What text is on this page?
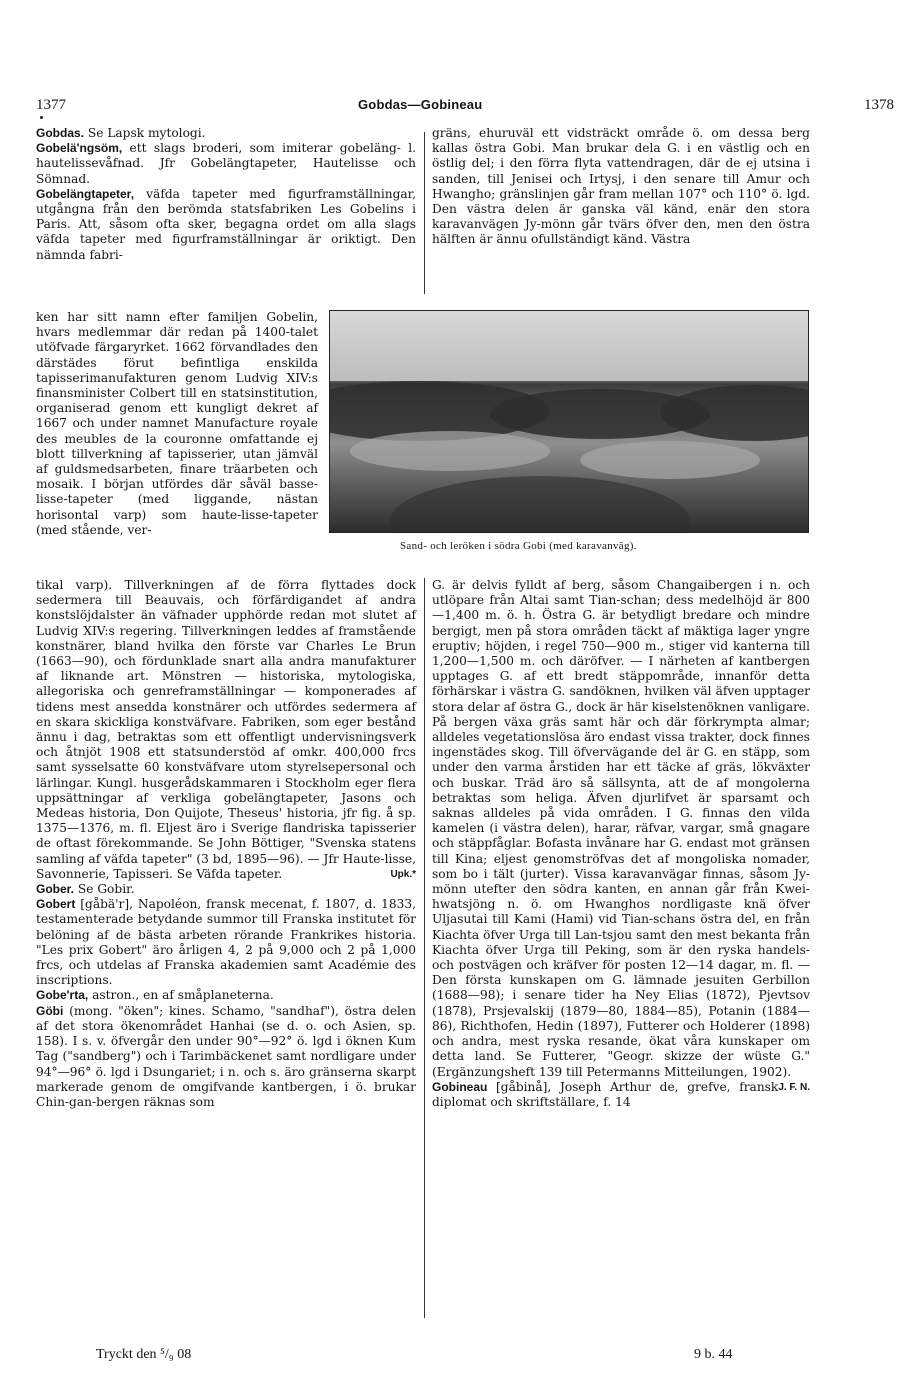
1377	Gobdas—Gobineau	1378

Gobdas. Se Lapsk mytologi.

Gobelä'ngsöm, ett slags broderi, som imiterar gobeläng- l. hautelissevåfnad. Jfr Gobelängtapeter, Hautelisse och Sömnad.

Gobelängtapeter, väfda tapeter med figurframställningar, utgångna från den berömda statsfabriken Les Gobelins i Paris. Att, såsom ofta sker, begagna ordet om alla slags väfda tapeter med figurframställningar är oriktigt. Den nämnda fabri-

ken har sitt namn efter familjen Gobelin, hvars medlemmar där redan på 1400-talet utöfvade färgaryrket. 1662 förvandlades den därstädes förut befintliga enskilda tapisserimanufakturen genom Ludvig XIV:s finansminister Colbert till en statsinstitution, organiserad genom ett kungligt dekret af 1667 och under namnet Manufacture royale des meubles de la couronne omfattande ej blott tillverkning af tapisserier, utan jämväl af guldsmedsarbeten, finare träarbeten och mosaik. I början utfördes där såväl basse-lisse-tapeter (med liggande, nästan horisontal varp) som haute-lisse-tapeter (med stående, ver-

Sand- och leröken i södra Gobi (med karavanväg).

tikal varp). Tillverkningen af de förra flyttades dock sedermera till Beauvais, och förfärdigandet af andra konstslöjdalster än väfnader upphörde redan mot slutet af Ludvig XIV:s regering. Tillverkningen leddes af framstående konstnärer, bland hvilka den förste var Charles Le Brun (1663—90), och fördunklade snart alla andra manufakturer af liknande art. Mönstren — historiska, mytologiska, allegoriska och genreframställningar — komponerades af tidens mest ansedda konstnärer och utfördes sedermera af en skara skickliga konstväfvare. Fabriken, som eger bestånd ännu i dag, betraktas som ett offentligt undervisningsverk och åtnjöt 1908 ett statsunderstöd af omkr. 400,000 frcs samt sysselsatte 60 konstväfvare utom styrelsepersonal och lärlingar. Kungl. husgerådskammaren i Stockholm eger flera uppsättningar af verkliga gobelängtapeter, Jasons och Medeas historia, Don Quijote, Theseus' historia, jfr fig. å sp. 1375—1376, m. fl. Eljest äro i Sverige flandriska tapisserier de oftast förekommande. Se John Böttiger, "Svenska statens samling af väfda tapeter" (3 bd, 1895—96). — Jfr Haute-lisse, Savonnerie, Tapisseri. Se Väfda tapeter.	Upk.*

Gober. Se Gobir.

Gobert [gåbä'r], Napoléon, fransk mecenat, f. 1807, d. 1833, testamenterade betydande summor till Franska institutet för belöning af de bästa arbeten rörande Frankrikes historia. "Les prix Gobert" äro årligen 4, 2 på 9,000 och 2 på 1,000 frcs, och utdelas af Franska akademien samt Académie des inscriptions.

Gobe'rta, astron., en af småplaneterna.

Göbi (mong. "öken"; kines. Schamo, "sandhaf"), östra delen af det stora ökenområdet Hanhai (se d. o. och Asien, sp. 158). I s. v. öfvergår den under 90°—92° ö. lgd i öknen Kum Tag ("sandberg") och i Tarimbäckenet samt nordligare under 94°—96° ö. lgd i Dsungariet; i n. och s. äro gränserna skarpt markerade genom de omgifvande kantbergen, i ö. brukar Chin-gan-bergen räknas som

gräns, ehuruväl ett vidsträckt område ö. om dessa berg kallas östra Gobi. Man brukar dela G. i en västlig och en östlig del; i den förra flyta vattendragen, där de ej utsina i sanden, till Jenisei och Irtysj, i den senare till Amur och Hwangho; gränslinjen går fram mellan 107° och 110° ö. lgd. Den västra delen är ganska väl känd, enär den stora karavanvägen Jy-mönn går tvärs öfver den, men den östra hälften är ännu ofullständigt känd. Västra

G. är delvis fylldt af berg, såsom Changaibergen i n. och utlöpare från Altai samt Tian-schan; dess medelhöjd är 800—1,400 m. ö. h. Östra G. är betydligt bredare och mindre bergigt, men på stora områden täckt af mäktiga lager yngre eruptiv; höjden, i regel 750—900 m., stiger vid kanterna till 1,200—1,500 m. och däröfver. — I närheten af kantbergen upptages G. af ett bredt stäppområde, innanför detta förhärskar i västra G. sandöknen, hvilken väl äfven upptager stora delar af östra G., dock är här kiselstenöknen vanligare. På bergen växa gräs samt här och där förkrympta almar; alldeles vegetationslösa äro endast vissa trakter, dock finnes ingenstädes skog. Till öfvervägande del är G. en stäpp, som under den varma årstiden har ett täcke af gräs, lökväxter och buskar. Träd äro så sällsynta, att de af mongolerna betraktas som heliga. Äfven djurlifvet är sparsamt och saknas alldeles på vida områden. I G. finnas den vilda kamelen (i västra delen), harar, räfvar, vargar, små gnagare och stäppfåglar. Bofasta invånare har G. endast mot gränsen till Kina; eljest genomströfvas det af mongoliska nomader, som bo i tält (jurter). Vissa karavanvägar finnas, såsom Jy-mönn utefter den södra kanten, en annan går från Kwei-hwatsjöng n. ö. om Hwanghos nordligaste knä öfver Uljasutai till Kami (Hami) vid Tian-schans östra del, en från Kiachta öfver Urga till Lan-tsjou samt den mest bekanta från Kiachta öfver Urga till Peking, som är den ryska handels- och postvägen och kräfver för posten 12—14 dagar, m. fl. — Den första kunskapen om G. lämnade jesuiten Gerbillon (1688—98); i senare tider ha Ney Elias (1872), Pjevtsov (1878), Prsjevalskij (1879—80, 1884—85), Potanin (1884—86), Richthofen, Hedin (1897), Futterer och Holderer (1898) och andra, mest ryska resande, ökat våra kunskaper om detta land. Se Futterer, "Geogr. skizze der wüste G." (Ergänzungsheft 139 till Petermanns Mitteilungen, 1902).
J. F. N.

Gobineau [gåbinå], Joseph Arthur de, grefve, fransk diplomat och skriftställare, f. 14

Tryckt den ⁵/₉ 08	9 b. 44
